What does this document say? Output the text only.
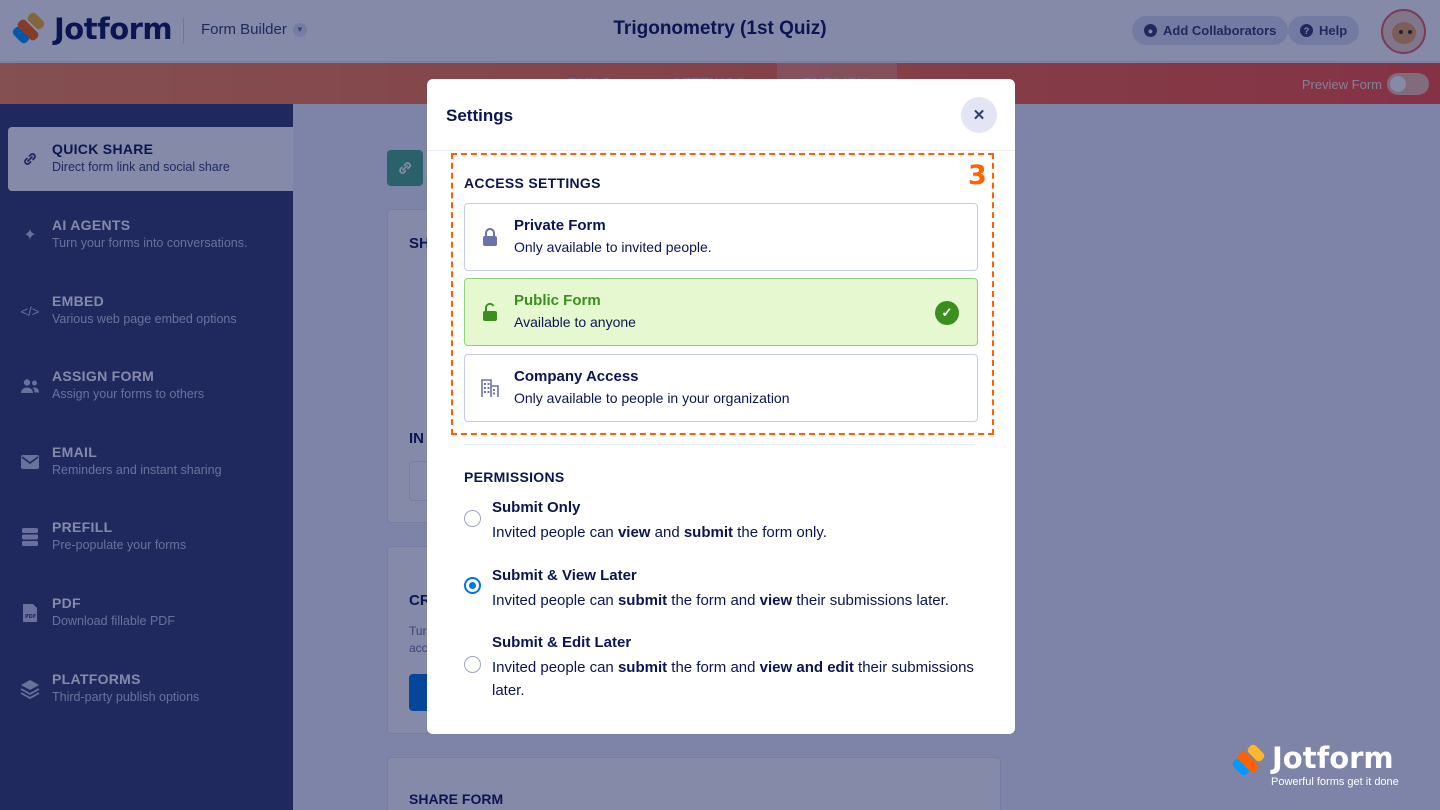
Jotform
Powerful forms get it done
Settings	✕
3
ACCESS SETTINGS
Private Form
Only available to invited people.
Public Form
Available to anyone
✓
Company Access
Only available to people in your organization
PERMISSIONS
Submit Only
Invited people can view and submit the form only.
Submit & View Later
Invited people can submit the form and view their submissions later.
Submit & Edit Later
Invited people can submit the form and view and edit their submissions later.
